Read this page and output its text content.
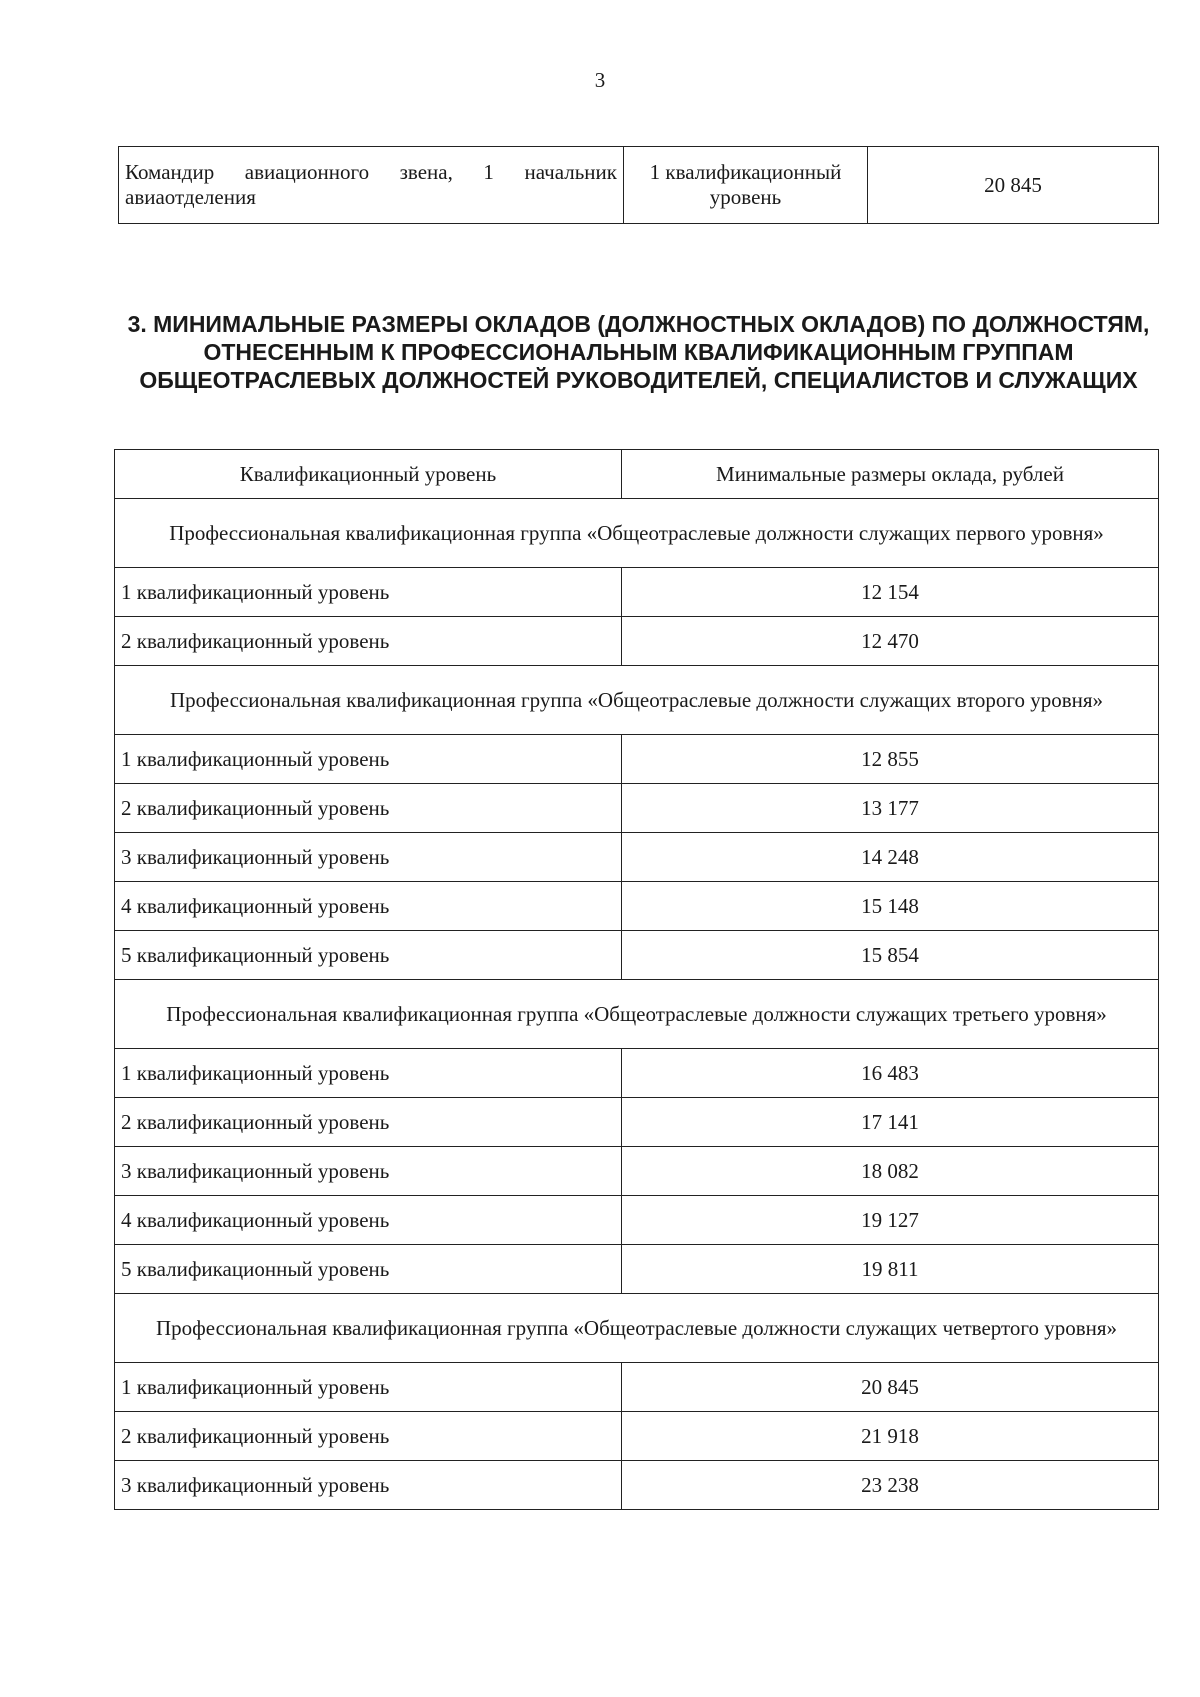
3
Командир авиационного звена, 1 начальник авиаотделения	1 квалификационный уровень	20 845
3. МИНИМАЛЬНЫЕ РАЗМЕРЫ ОКЛАДОВ (ДОЛЖНОСТНЫХ ОКЛАДОВ) ПО ДОЛЖНОСТЯМ, ОТНЕСЕННЫМ К ПРОФЕССИОНАЛЬНЫМ КВАЛИФИКАЦИОННЫМ ГРУППАМ ОБЩЕОТРАСЛЕВЫХ ДОЛЖНОСТЕЙ РУКОВОДИТЕЛЕЙ, СПЕЦИАЛИСТОВ И СЛУЖАЩИХ
Квалификационный уровень	Минимальные размеры оклада, рублей
Профессиональная квалификационная группа «Общеотраслевые должности служащих первого уровня»	
1 квалификационный уровень	12 154
2 квалификационный уровень	12 470
Профессиональная квалификационная группа «Общеотраслевые должности служащих второго уровня»	
1 квалификационный уровень	12 855
2 квалификационный уровень	13 177
3 квалификационный уровень	14 248
4 квалификационный уровень	15 148
5 квалификационный уровень	15 854
Профессиональная квалификационная группа «Общеотраслевые должности служащих третьего уровня»	
1 квалификационный уровень	16 483
2 квалификационный уровень	17 141
3 квалификационный уровень	18 082
4 квалификационный уровень	19 127
5 квалификационный уровень	19 811
Профессиональная квалификационная группа «Общеотраслевые должности служащих четвертого уровня»	
1 квалификационный уровень	20 845
2 квалификационный уровень	21 918
3 квалификационный уровень	23 238
